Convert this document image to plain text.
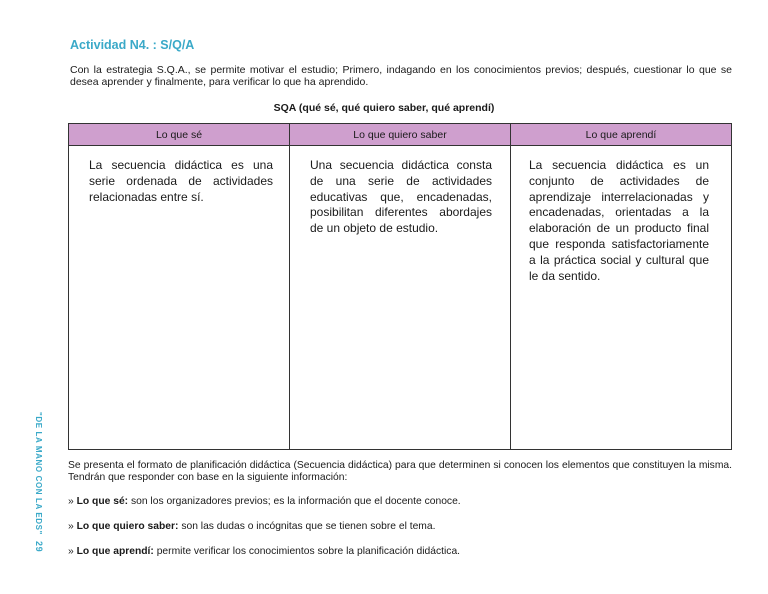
Actividad N4. : S/Q/A
Con la estrategia S.Q.A., se permite motivar el estudio; Primero, indagando en los conocimientos previos; después, cuestionar lo que se desea aprender y finalmente, para verificar lo que ha aprendido.
SQA (qué sé, qué quiero saber, qué aprendí)
Lo que sé	Lo que quiero saber	Lo que aprendí
La secuencia didáctica es una serie ordenada de actividades relacionadas entre sí.	Una secuencia didáctica consta de una serie de actividades educativas que, encadenadas, posibilitan diferentes abordajes de un objeto de estudio.	La secuencia didáctica es un conjunto de actividades de aprendizaje interrelacionadas y encadenadas, orientadas a la elaboración de un producto final que responda satisfactoriamente a la práctica social y cultural que le da sentido.
Se presenta el formato de planificación didáctica (Secuencia didáctica) para que determinen si conocen los elementos que constituyen la misma. Tendrán que responder con base en la siguiente información:
» Lo que sé: son los organizadores previos; es la información que el docente conoce.
» Lo que quiero saber: son las dudas o incógnitas que se tienen sobre el tema.
» Lo que aprendí: permite verificar los conocimientos sobre la planificación didáctica.
"DE LA MANO CON LA EDS"29
